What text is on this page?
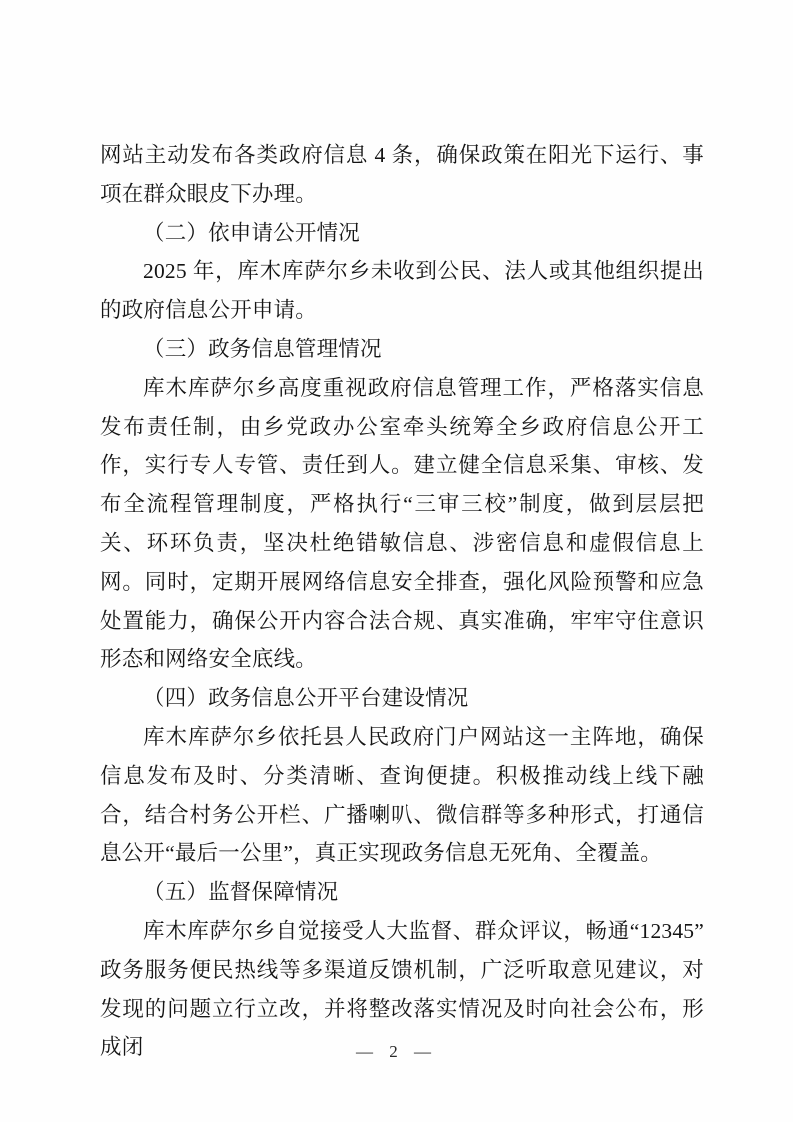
网站主动发布各类政府信息 4 条，确保政策在阳光下运行、事项在群众眼皮下办理。

（二）依申请公开情况

2025 年，库木库萨尔乡未收到公民、法人或其他组织提出的政府信息公开申请。

（三）政务信息管理情况

库木库萨尔乡高度重视政府信息管理工作，严格落实信息发布责任制，由乡党政办公室牵头统筹全乡政府信息公开工作，实行专人专管、责任到人。建立健全信息采集、审核、发布全流程管理制度，严格执行“三审三校”制度，做到层层把关、环环负责，坚决杜绝错敏信息、涉密信息和虚假信息上网。同时，定期开展网络信息安全排查，强化风险预警和应急处置能力，确保公开内容合法合规、真实准确，牢牢守住意识形态和网络安全底线。

（四）政务信息公开平台建设情况

库木库萨尔乡依托县人民政府门户网站这一主阵地，确保信息发布及时、分类清晰、查询便捷。积极推动线上线下融合，结合村务公开栏、广播喇叭、微信群等多种形式，打通信息公开“最后一公里”，真正实现政务信息无死角、全覆盖。

（五）监督保障情况

库木库萨尔乡自觉接受人大监督、群众评议，畅通“12345”政务服务便民热线等多渠道反馈机制，广泛听取意见建议，对发现的问题立行立改，并将整改落实情况及时向社会公布，形成闭	— 2 —
